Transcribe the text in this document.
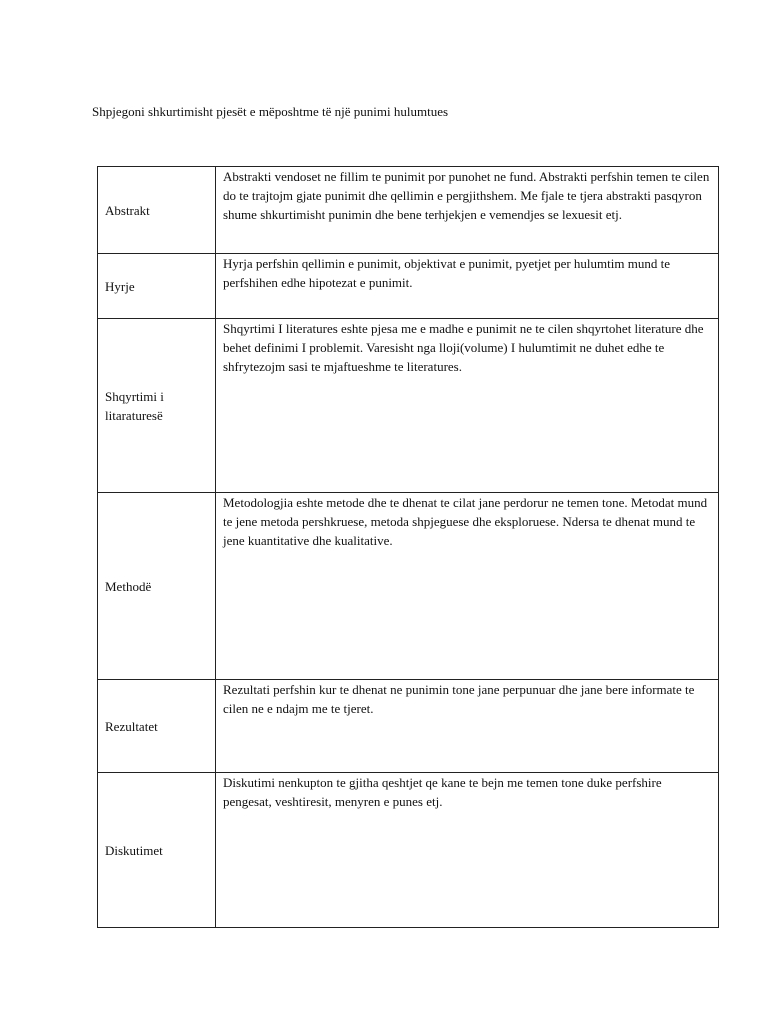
Shpjegoni shkurtimisht pjesët e mëposhtme të një punimi hulumtues
Abstrakt	Abstrakti vendoset ne fillim te punimit por punohet ne fund. Abstrakti perfshin temen te cilen do te trajtojm gjate punimit dhe qellimin e pergjithshem. Me fjale te tjera abstrakti pasqyron shume shkurtimisht punimin dhe bene terhjekjen e vemendjes se lexuesit etj.
Hyrje	Hyrja perfshin qellimin e punimit, objektivat e punimit, pyetjet per hulumtim mund te perfshihen edhe hipotezat e punimit.
Shqyrtimi i litaraturesë	Shqyrtimi I literatures eshte pjesa me e madhe e punimit ne te cilen shqyrtohet literature dhe behet definimi I problemit. Varesisht nga lloji(volume) I hulumtimit ne duhet edhe te shfrytezojm sasi te mjaftueshme te literatures.
Methodë	Metodologjia eshte metode dhe te dhenat te cilat jane perdorur ne temen tone. Metodat mund te jene metoda pershkruese, metoda shpjeguese dhe eksploruese. Ndersa te dhenat mund te jene kuantitative dhe kualitative.
Rezultatet	Rezultati perfshin kur te dhenat ne punimin tone jane perpunuar dhe jane bere informate te cilen ne e ndajm me te tjeret.
Diskutimet	Diskutimi nenkupton te gjitha qeshtjet qe kane te bejn me temen tone duke perfshire pengesat, veshtiresit, menyren e punes etj.
